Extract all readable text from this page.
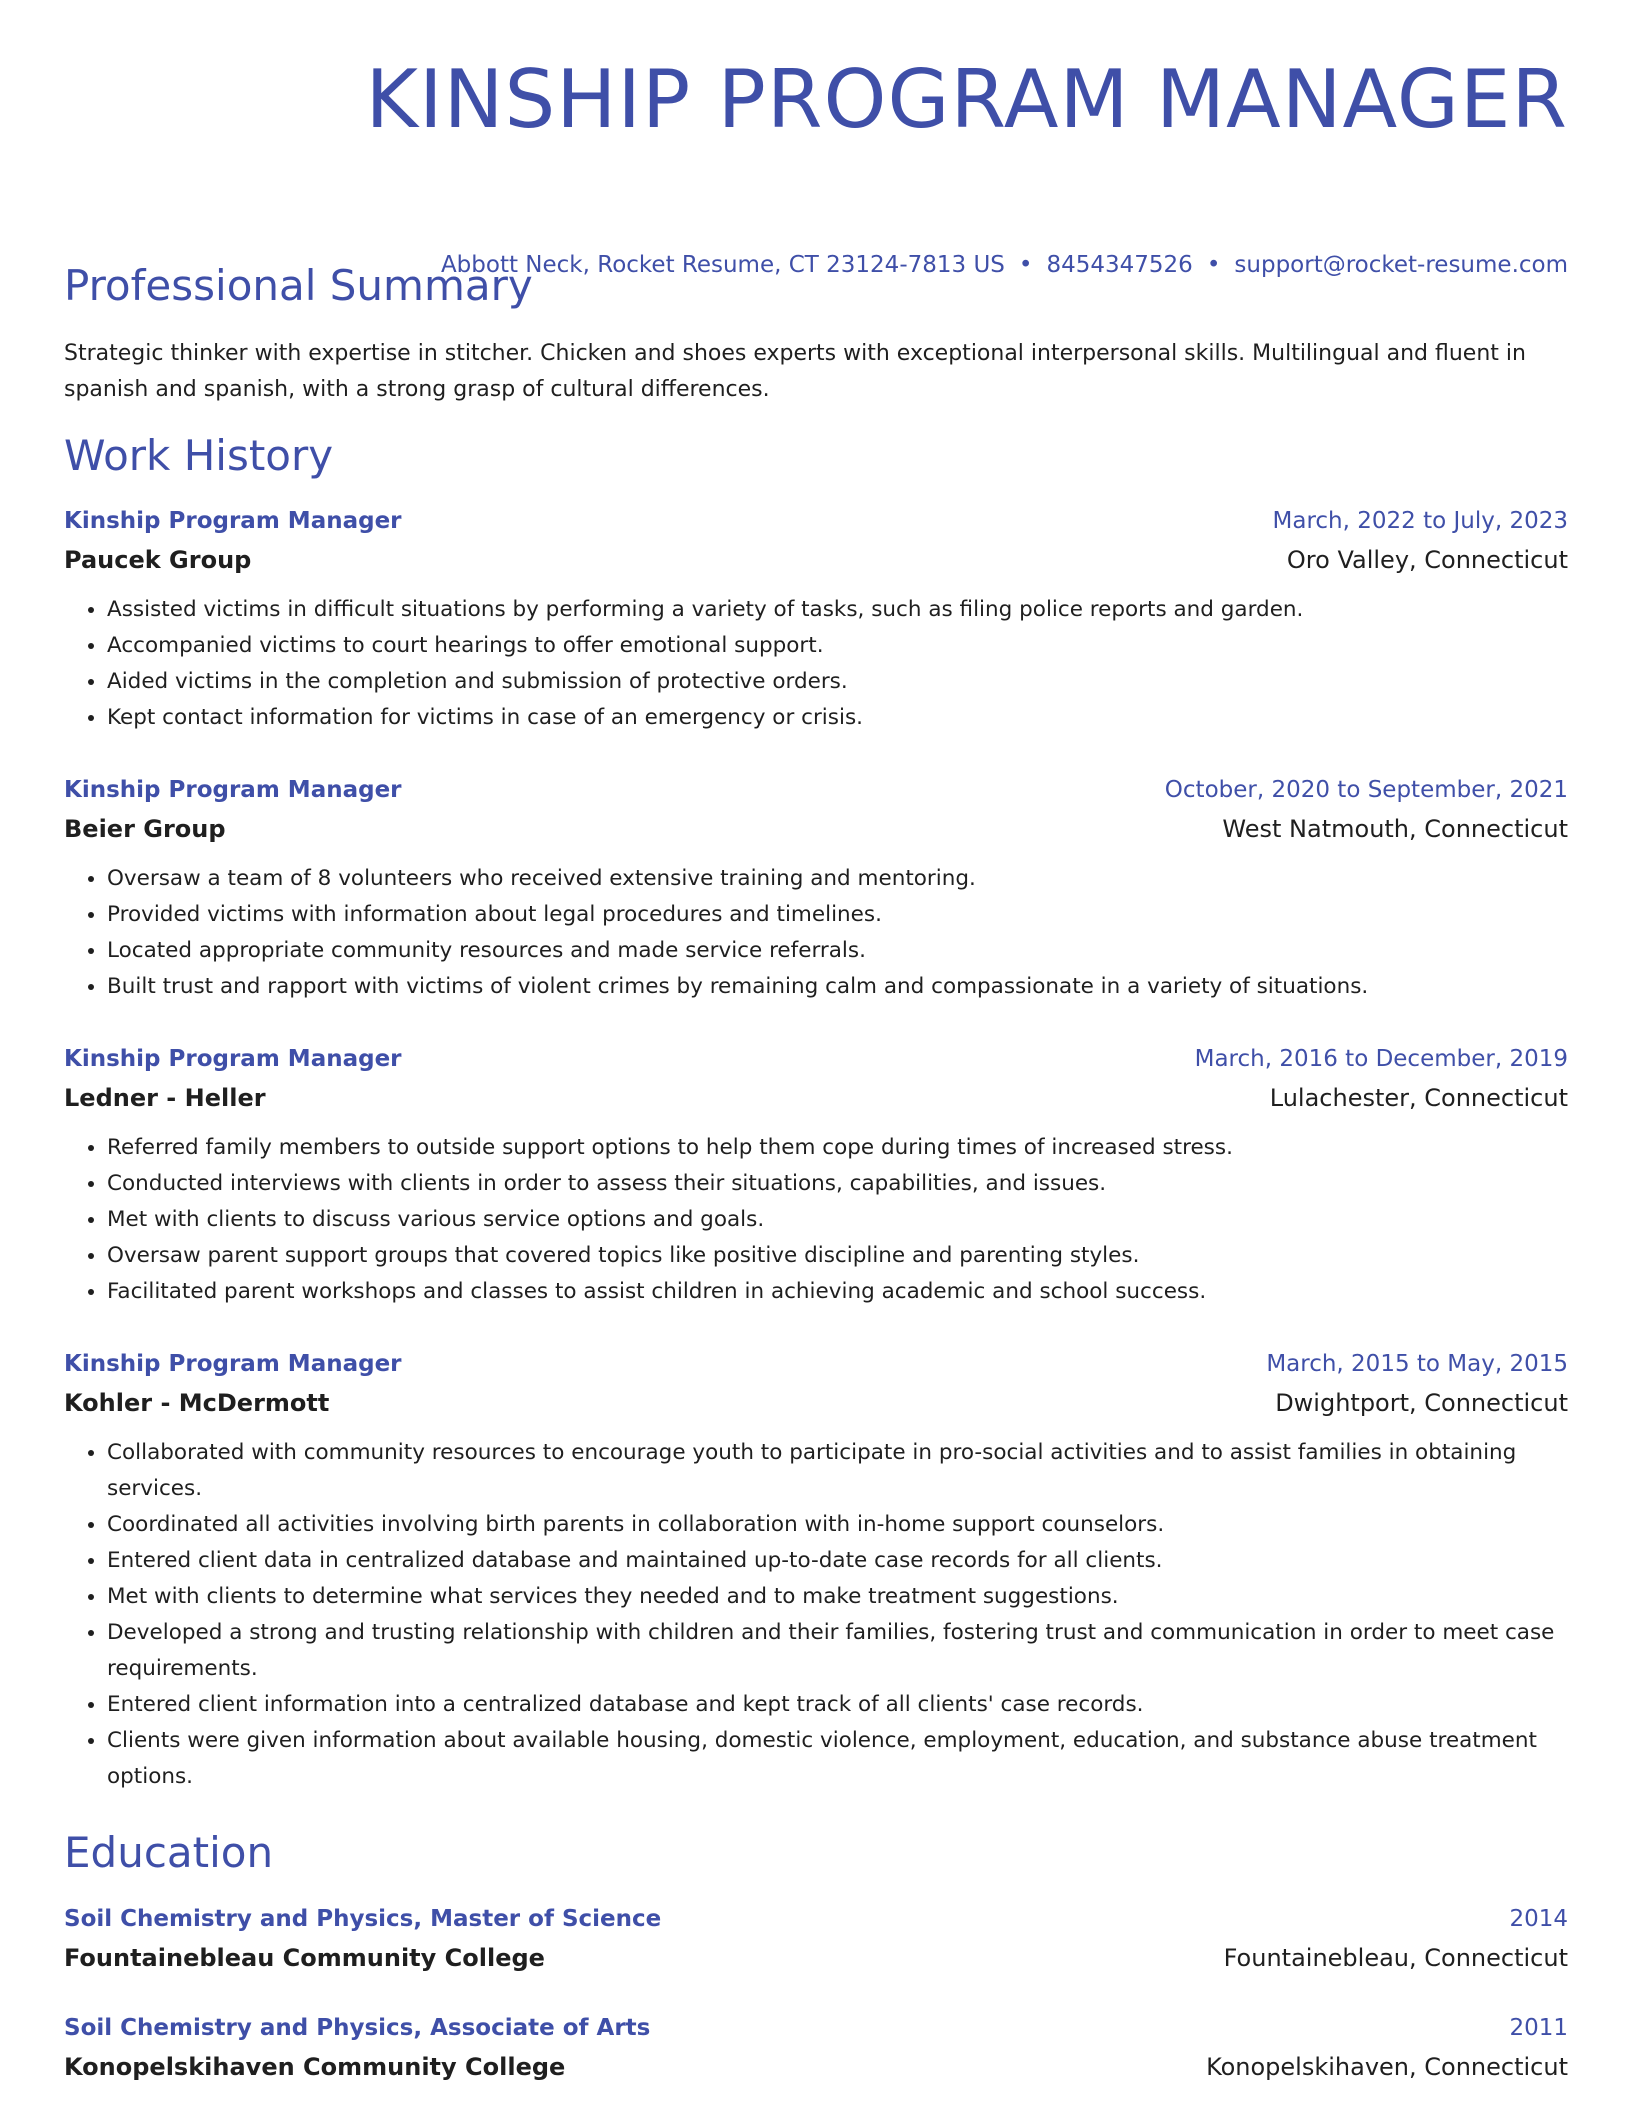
KINSHIP PROGRAM MANAGER
Abbott Neck, Rocket Resume, CT 23124-7813 US • 8454347526 • support@rocket-resume.com
Professional Summary

Strategic thinker with expertise in stitcher. Chicken and shoes experts with exceptional interpersonal skills. Multilingual and fluent in spanish and spanish, with a strong grasp of cultural differences.

Work History
Kinship Program Manager	March, 2022 to July, 2023
Paucek Group	Oro Valley, Connecticut
• Assisted victims in difficult situations by performing a variety of tasks, such as filing police reports and garden.
• Accompanied victims to court hearings to offer emotional support.
• Aided victims in the completion and submission of protective orders.
• Kept contact information for victims in case of an emergency or crisis.
Kinship Program Manager	October, 2020 to September, 2021
Beier Group	West Natmouth, Connecticut
• Oversaw a team of 8 volunteers who received extensive training and mentoring.
• Provided victims with information about legal procedures and timelines.
• Located appropriate community resources and made service referrals.
• Built trust and rapport with victims of violent crimes by remaining calm and compassionate in a variety of situations.
Kinship Program Manager	March, 2016 to December, 2019
Ledner - Heller	Lulachester, Connecticut
• Referred family members to outside support options to help them cope during times of increased stress.
• Conducted interviews with clients in order to assess their situations, capabilities, and issues.
• Met with clients to discuss various service options and goals.
• Oversaw parent support groups that covered topics like positive discipline and parenting styles.
• Facilitated parent workshops and classes to assist children in achieving academic and school success.
Kinship Program Manager	March, 2015 to May, 2015
Kohler - McDermott	Dwightport, Connecticut
• Collaborated with community resources to encourage youth to participate in pro-social activities and to assist families in obtaining services.
• Coordinated all activities involving birth parents in collaboration with in-home support counselors.
• Entered client data in centralized database and maintained up-to-date case records for all clients.
• Met with clients to determine what services they needed and to make treatment suggestions.
• Developed a strong and trusting relationship with children and their families, fostering trust and communication in order to meet case requirements.
• Entered client information into a centralized database and kept track of all clients' case records.
• Clients were given information about available housing, domestic violence, employment, education, and substance abuse treatment options.
Education
Soil Chemistry and Physics, Master of Science	2014
Fountainebleau Community College	Fountainebleau, Connecticut
Soil Chemistry and Physics, Associate of Arts	2011
Konopelskihaven Community College	Konopelskihaven, Connecticut
